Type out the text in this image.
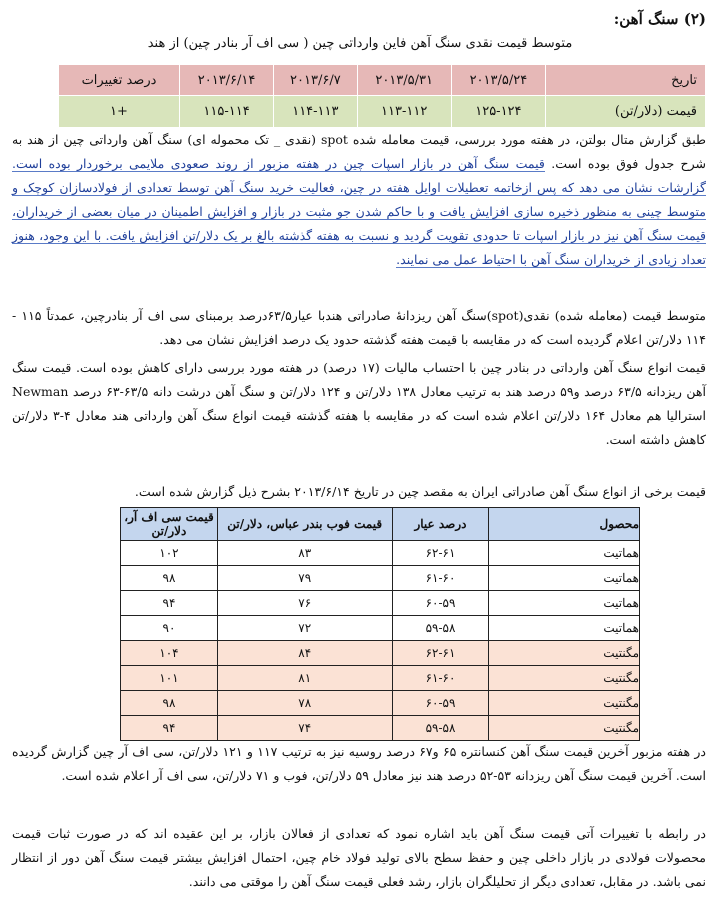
(۲) سنگ آهن:
متوسط قیمت نقدی سنگ آهن فاین وارداتی چین ( سی اف آر بنادر چین) از هند
تاریخ	۲۰۱۳/۵/۲۴	۲۰۱۳/۵/۳۱	۲۰۱۳/۶/۷	۲۰۱۳/۶/۱۴	درصد تغییرات
قیمت (دلار/تن)	۱۲۵-۱۲۴	۱۱۳-۱۱۲	۱۱۴-۱۱۳	۱۱۵-۱۱۴	+۱
طبق گزارش متال بولتن، در هفته مورد بررسی، قیمت معامله شده spot (نقدی _ تک محموله ای) سنگ آهن وارداتی چین از هند به شرح جدول فوق بوده است. قیمت سنگ آهن در بازار اسپات چین در هفته مزبور از روند صعودی ملایمی برخوردار بوده است. گزارشات نشان می دهد که پس ازخاتمه تعطیلات اوایل هفته در چین، فعالیت خرید سنگ آهن توسط تعدادی از فولادسازان کوچک و متوسط چینی به منظور ذخیره سازی افزایش یافت و با حاکم شدن جو مثبت در بازار و افزایش اطمینان در میان بعضی از خریداران، قیمت سنگ آهن نیز در بازار اسپات تا حدودی تقویت گردید و نسبت به هفته گذشته بالغ بر یک دلار/تن افزایش یافت. با این وجود، هنوز تعداد زیادی از خریداران سنگ آهن با احتیاط عمل می نمایند.
متوسط قیمت (معامله شده) نقدی(spot)سنگ آهن ریزدانۀ صادراتی هندبا عیار۶۳/۵درصد برمبنای سی اف آر بنادرچین، عمدتاً ۱۱۵ - ۱۱۴ دلار/تن اعلام گردیده است که در مقایسه با قیمت هفته گذشته حدود یک درصد افزایش نشان می دهد.
قیمت انواع سنگ آهن وارداتی در بنادر چین با احتساب مالیات (۱۷ درصد) در هفته مورد بررسی دارای کاهش بوده است. قیمت سنگ آهن ریزدانه ۶۳/۵ درصد و۵۹ درصد هند به ترتیب معادل ۱۳۸ دلار/تن و ۱۲۴ دلار/تن و سنگ آهن درشت دانه ۶۳/۵-۶۳ درصد Newman استرالیا هم معادل ۱۶۴ دلار/تن اعلام شده است که در مقایسه با هفته گذشته قیمت انواع سنگ آهن وارداتی هند معادل ۴-۳ دلار/تن کاهش داشته است.
قیمت برخی از انواع سنگ آهن صادراتی ایران به مقصد چین در تاریخ ۲۰۱۳/۶/۱۴ بشرح ذیل گزارش شده است.
محصول	درصد عیار	قیمت فوب بندر عباس، دلار/تن	قیمت سی اف آر، دلار/تن
هماتیت	۶۲-۶۱	۸۳	۱۰۲
هماتیت	۶۱-۶۰	۷۹	۹۸
هماتیت	۶۰-۵۹	۷۶	۹۴
هماتیت	۵۹-۵۸	۷۲	۹۰
مگنتیت	۶۲-۶۱	۸۴	۱۰۴
مگنتیت	۶۱-۶۰	۸۱	۱۰۱
مگنتیت	۶۰-۵۹	۷۸	۹۸
مگنتیت	۵۹-۵۸	۷۴	۹۴
در هفته مزبور آخرین قیمت سنگ آهن کنسانتره ۶۵ و۶۷ درصد روسیه نیز به ترتیب ۱۱۷ و ۱۲۱ دلار/تن، سی اف آر چین گزارش گردیده است. آخرین قیمت سنگ آهن ریزدانه ۵۳-۵۲ درصد هند نیز معادل ۵۹ دلار/تن، فوب و ۷۱ دلار/تن، سی اف آر اعلام شده است.
در رابطه با تغییرات آتی قیمت سنگ آهن باید اشاره نمود که تعدادی از فعالان بازار، بر این عقیده اند که در صورت ثبات قیمت محصولات فولادی در بازار داخلی چین و حفظ سطح بالای تولید فولاد خام چین، احتمال افزایش بیشتر قیمت سنگ آهن دور از انتظار نمی باشد. در مقابل، تعدادی دیگر از تحلیلگران بازار، رشد فعلی قیمت سنگ آهن را موقتی می دانند.
